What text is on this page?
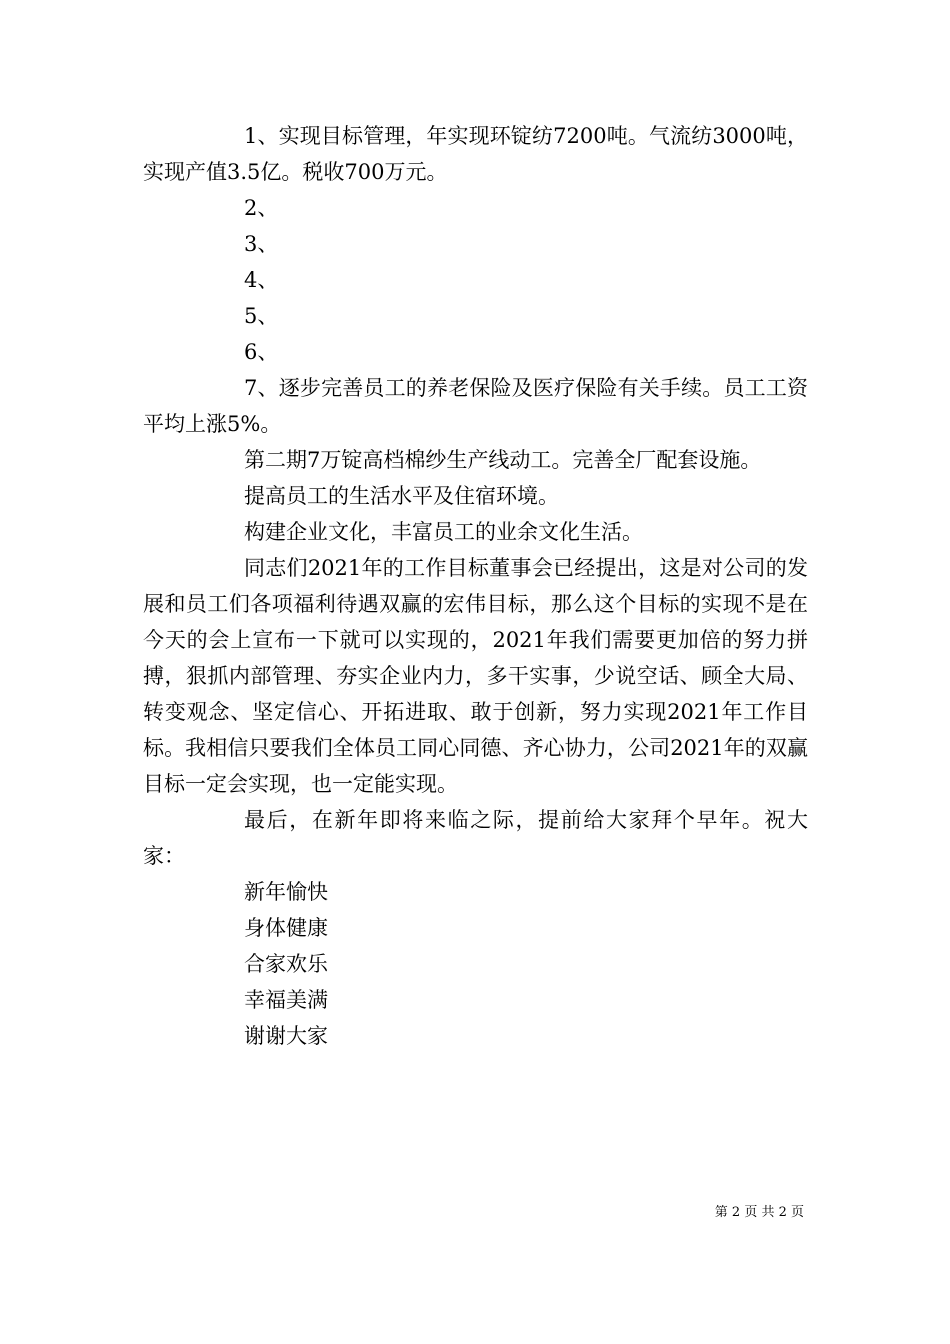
1、实现目标管理，年实现环锭纺7200吨。气流纺3000吨，实现产值3.5亿。税收700万元。

2、

3、

4、

5、

6、

7、逐步完善员工的养老保险及医疗保险有关手续。员工工资平均上涨5%。

第二期7万锭高档棉纱生产线动工。完善全厂配套设施。

提高员工的生活水平及住宿环境。

构建企业文化，丰富员工的业余文化生活。

同志们2021年的工作目标董事会已经提出，这是对公司的发展和员工们各项福利待遇双赢的宏伟目标，那么这个目标的实现不是在今天的会上宣布一下就可以实现的，2021年我们需要更加倍的努力拼搏，狠抓内部管理、夯实企业内力，多干实事，少说空话、顾全大局、转变观念、坚定信心、开拓进取、敢于创新，努力实现2021年工作目标。我相信只要我们全体员工同心同德、齐心协力，公司2021年的双赢目标一定会实现，也一定能实现。

最后，在新年即将来临之际，提前给大家拜个早年。祝大家：

新年愉快

身体健康

合家欢乐

幸福美满

谢谢大家

第 2 页 共 2 页
